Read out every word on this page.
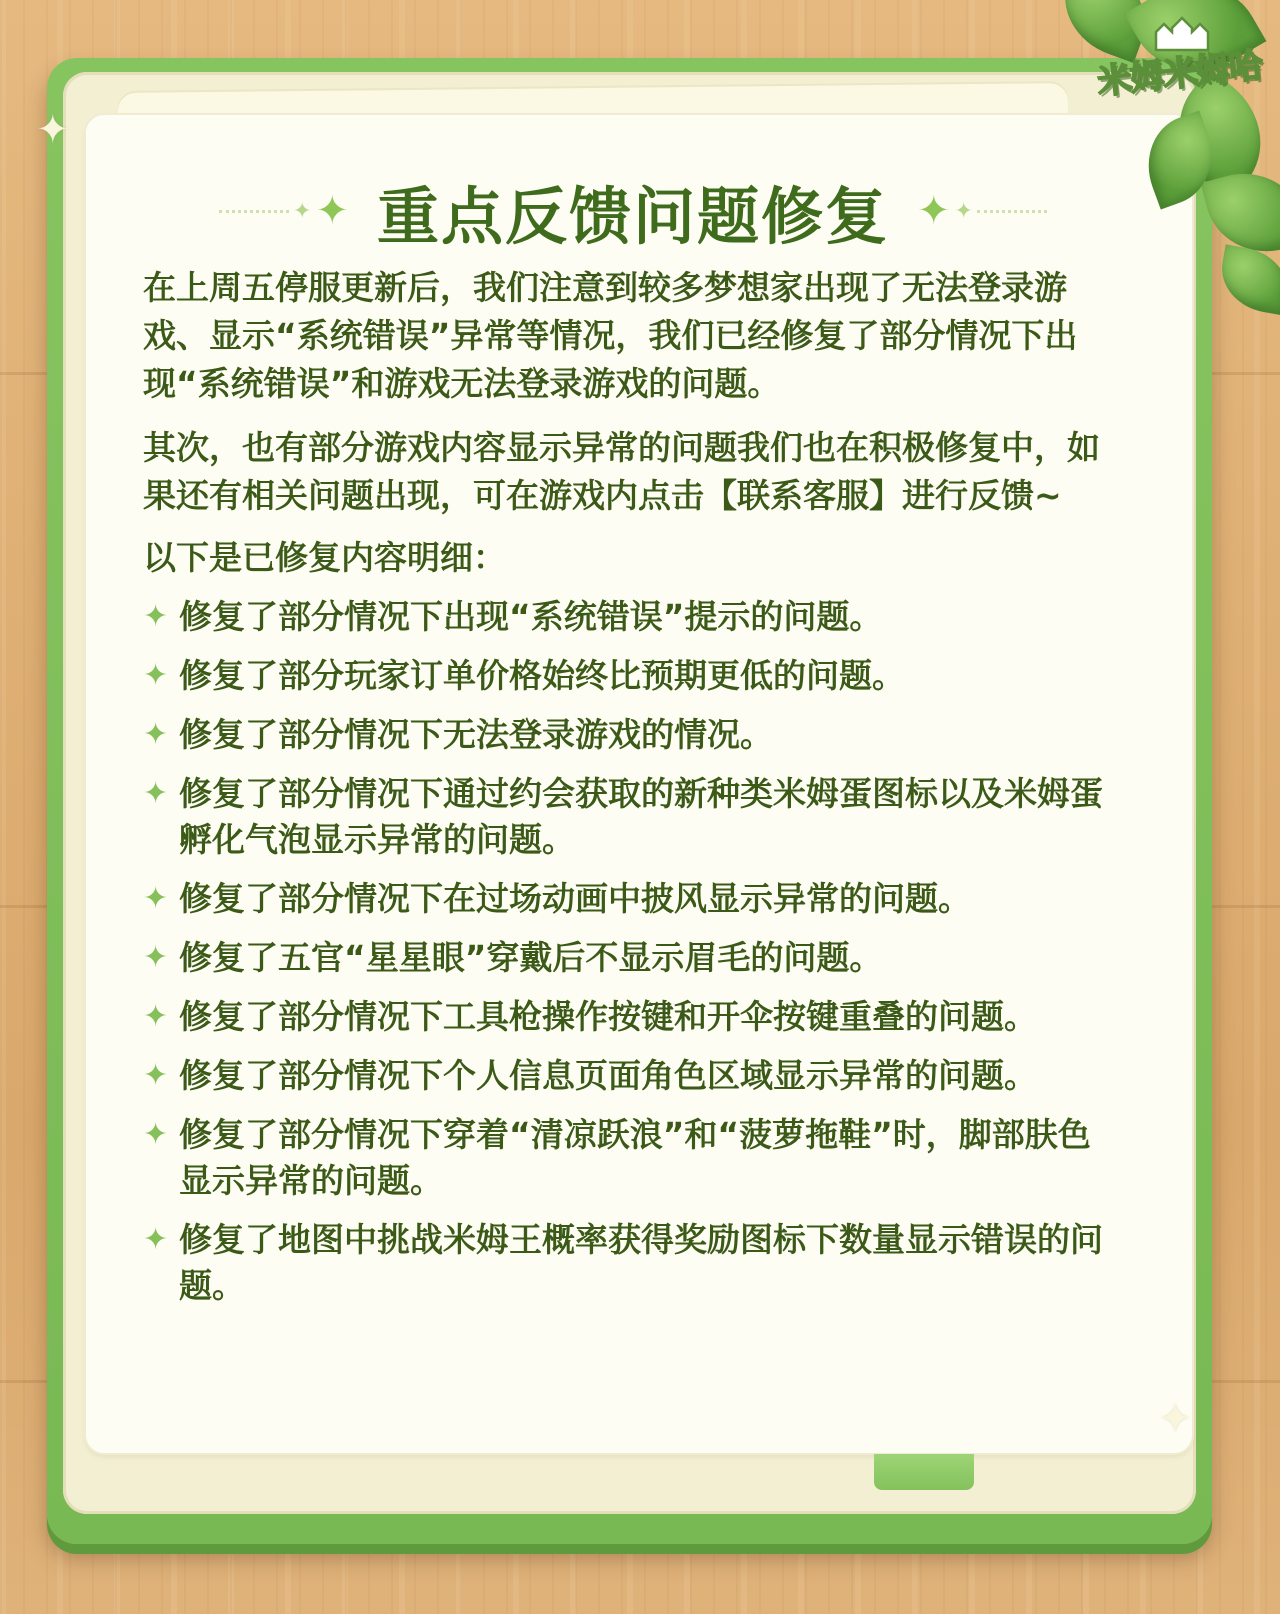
✦
✦
米姆米姆哈
✦ ✦ 重点反馈问题修复 ✦ ✦

在上周五停服更新后，我们注意到较多梦想家出现了无法登录游戏、显示“系统错误”异常等情况，我们已经修复了部分情况下出现“系统错误”和游戏无法登录游戏的问题。

其次，也有部分游戏内容显示异常的问题我们也在积极修复中，如果还有相关问题出现，可在游戏内点击【联系客服】进行反馈~

以下是已修复内容明细：
✦ 修复了部分情况下出现“系统错误”提示的问题。
✦ 修复了部分玩家订单价格始终比预期更低的问题。
✦ 修复了部分情况下无法登录游戏的情况。
✦ 修复了部分情况下通过约会获取的新种类米姆蛋图标以及米姆蛋孵化气泡显示异常的问题。
✦ 修复了部分情况下在过场动画中披风显示异常的问题。
✦ 修复了五官“星星眼”穿戴后不显示眉毛的问题。
✦ 修复了部分情况下工具枪操作按键和开伞按键重叠的问题。
✦ 修复了部分情况下个人信息页面角色区域显示异常的问题。
✦ 修复了部分情况下穿着“清凉跃浪”和“菠萝拖鞋”时，脚部肤色显示异常的问题。
✦ 修复了地图中挑战米姆王概率获得奖励图标下数量显示错误的问题。
